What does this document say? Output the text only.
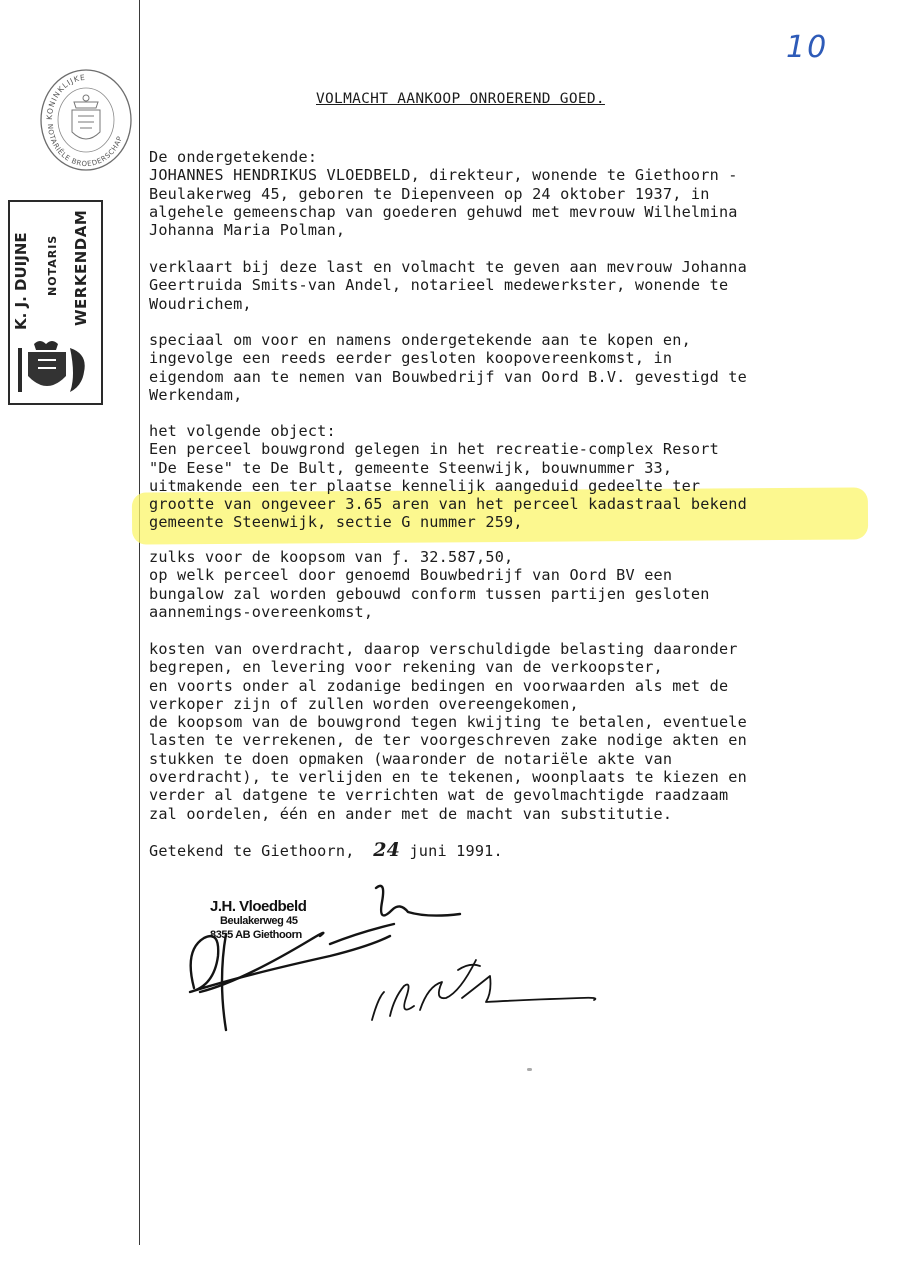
KONINKLIJKE
NOTARIËLE BROEDERSCHAP
K. J. DUIJNE NOTARIS WERKENDAM
10
VOLMACHT AANKOOP ONROEREND GOED.
De ondergetekende:
JOHANNES HENDRIKUS VLOEDBELD, direkteur, wonende te Giethoorn -
Beulakerweg 45, geboren te Diepenveen op 24 oktober 1937, in
algehele gemeenschap van goederen gehuwd met mevrouw Wilhelmina
Johanna Maria Polman,
verklaart bij deze last en volmacht te geven aan mevrouw Johanna
Geertruida Smits-van Andel, notarieel medewerkster, wonende te
Woudrichem,
speciaal om voor en namens ondergetekende aan te kopen en,
ingevolge een reeds eerder gesloten koopovereenkomst, in
eigendom aan te nemen van Bouwbedrijf van Oord B.V. gevestigd te
Werkendam,
het volgende object:
Een perceel bouwgrond gelegen in het recreatie-complex Resort
"De Eese" te De Bult, gemeente Steenwijk, bouwnummer 33,
uitmakende een ter plaatse kennelijk aangeduid gedeelte ter
grootte van ongeveer 3.65 aren van het perceel kadastraal bekend
gemeente Steenwijk, sectie G nummer 259,
zulks voor de koopsom van ƒ. 32.587,50,
op welk perceel door genoemd Bouwbedrijf van Oord BV een
bungalow zal worden gebouwd conform tussen partijen gesloten
aannemings-overeenkomst,
kosten van overdracht, daarop verschuldigde belasting daaronder
begrepen, en levering voor rekening van de verkoopster,
en voorts onder al zodanige bedingen en voorwaarden als met de
verkoper zijn of zullen worden overeengekomen,
de koopsom van de bouwgrond tegen kwijting te betalen, eventuele
lasten te verrekenen, de ter voorgeschreven zake nodige akten en
stukken te doen opmaken (waaronder de notariële akte van
overdracht), te verlijden en te tekenen, woonplaats te kiezen en
verder al datgene te verrichten wat de gevolmachtigde raadzaam
zal oordelen, één en ander met de macht van substitutie.
Getekend te Giethoorn, 24 juni 1991.
J.H. Vloedbeld
Beulakerweg 45
8355 AB Giethoorn
